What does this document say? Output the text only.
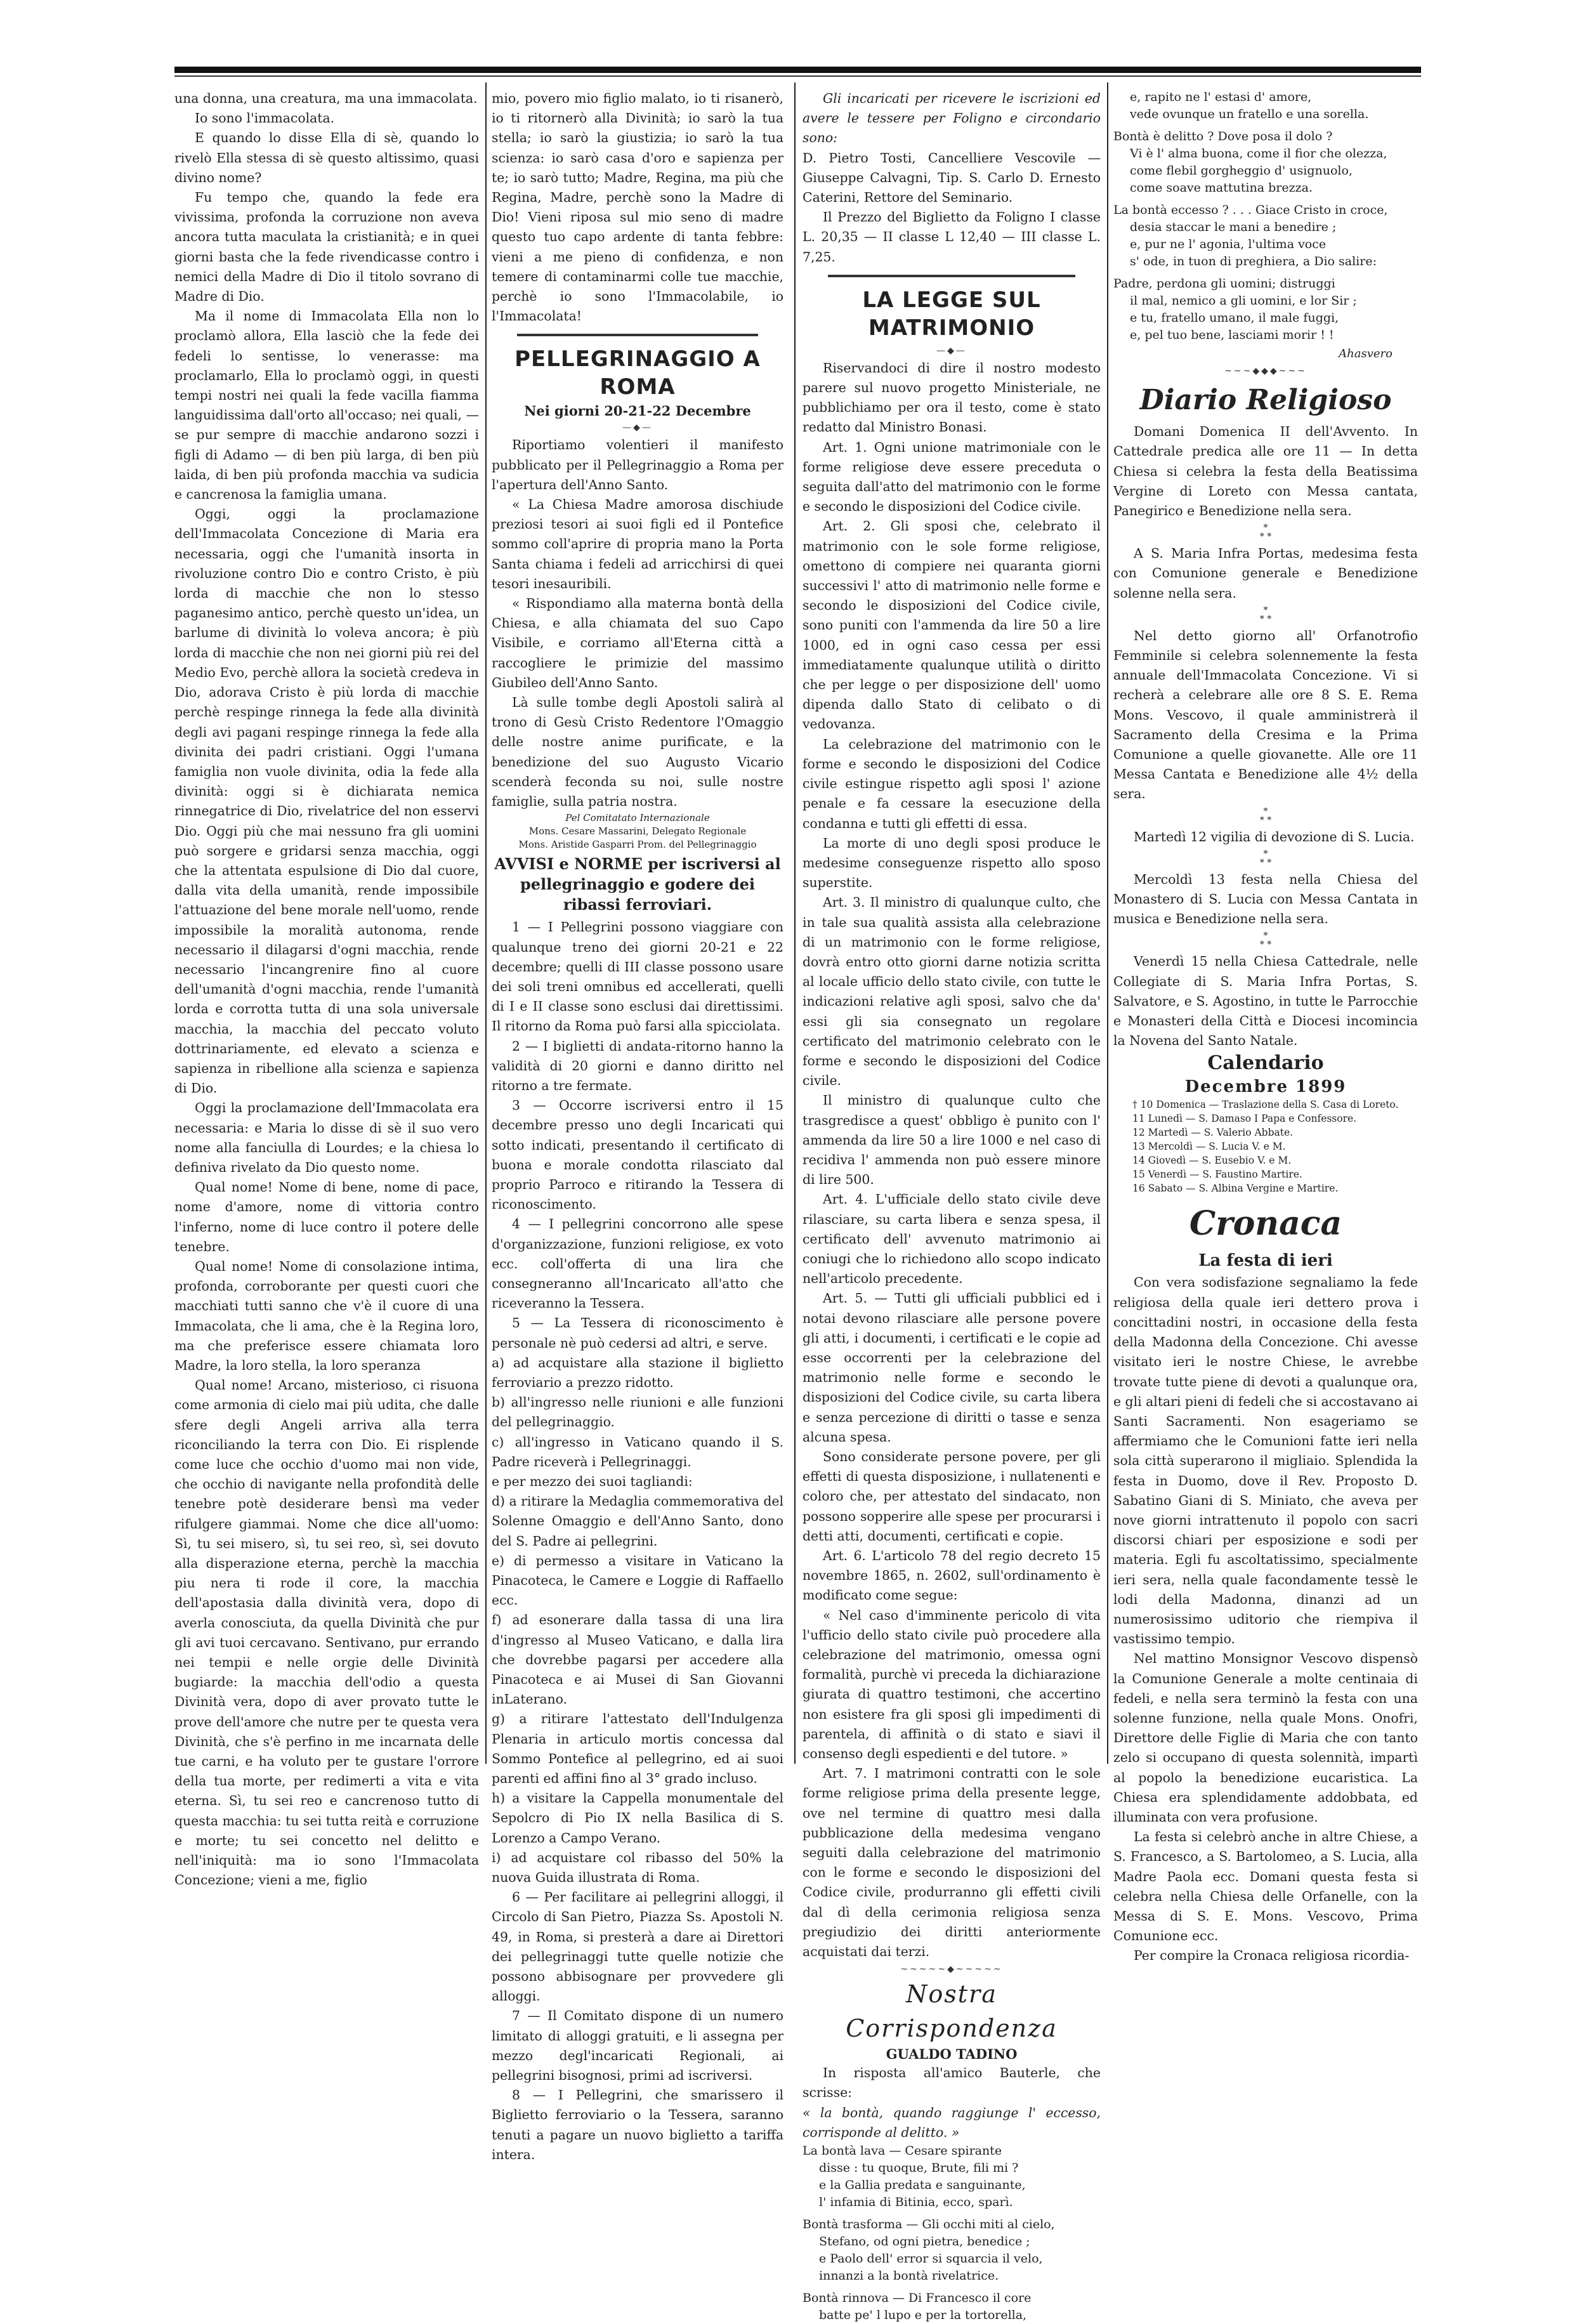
una donna, una creatura, ma una immacolata.

Io sono l'immacolata.

E quando lo disse Ella di sè, quando lo rivelò Ella stessa di sè questo altissimo, quasi divino nome?

Fu tempo che, quando la fede era vivissima, profonda la corruzione non aveva ancora tutta maculata la cristianità; e in quei giorni basta che la fede rivendicasse contro i nemici della Madre di Dio il titolo sovrano di Madre di Dio.

Ma il nome di Immacolata Ella non lo proclamò allora, Ella lasciò che la fede dei fedeli lo sentisse, lo venerasse: ma proclamarlo, Ella lo proclamò oggi, in questi tempi nostri nei quali la fede vacilla fiamma languidissima dall'orto all'occaso; nei quali, — se pur sempre di macchie andarono sozzi i figli di Adamo — di ben più larga, di ben più laida, di ben più profonda macchia va sudicia e cancrenosa la famiglia umana.

Oggi, oggi la proclamazione dell'Immacolata Concezione di Maria era necessaria, oggi che l'umanità insorta in rivoluzione contro Dio e contro Cristo, è più lorda di macchie che non lo stesso paganesimo antico, perchè questo un'idea, un barlume di divinità lo voleva ancora; è più lorda di macchie che non nei giorni più rei del Medio Evo, perchè allora la società credeva in Dio, adorava Cristo è più lorda di macchie perchè respinge rinnega la fede alla divinità degli avi pagani respinge rinnega la fede alla divinita dei padri cristiani. Oggi l'umana famiglia non vuole divinita, odia la fede alla divinità: oggi si è dichiarata nemica rinnegatrice di Dio, rivelatrice del non esservi Dio. Oggi più che mai nessuno fra gli uomini può sorgere e gridarsi senza macchia, oggi che la attentata espulsione di Dio dal cuore, dalla vita della umanità, rende impossibile l'attuazione del bene morale nell'uomo, rende impossibile la moralità autonoma, rende necessario il dilagarsi d'ogni macchia, rende necessario l'incangrenire fino al cuore dell'umanità d'ogni macchia, rende l'umanità lorda e corrotta tutta di una sola universale macchia, la macchia del peccato voluto dottrinariamente, ed elevato a scienza e sapienza in ribellione alla scienza e sapienza di Dio.

Oggi la proclamazione dell'Immacolata era necessaria: e Maria lo disse di sè il suo vero nome alla fanciulla di Lourdes; e la chiesa lo definiva rivelato da Dio questo nome.

Qual nome! Nome di bene, nome di pace, nome d'amore, nome di vittoria contro l'inferno, nome di luce contro il potere delle tenebre.

Qual nome! Nome di consolazione intima, profonda, corroborante per questi cuori che macchiati tutti sanno che v'è il cuore di una Immacolata, che li ama, che è la Regina loro, ma che preferisce essere chiamata loro Madre, la loro stella, la loro speranza

Qual nome! Arcano, misterioso, ci risuona come armonia di cielo mai più udita, che dalle sfere degli Angeli arriva alla terra riconciliando la terra con Dio. Ei risplende come luce che occhio d'uomo mai non vide, che occhio di navigante nella profondità delle tenebre potè desiderare bensì ma veder rifulgere giammai. Nome che dice all'uomo: Sì, tu sei misero, sì, tu sei reo, sì, sei dovuto alla disperazione eterna, perchè la macchia piu nera ti rode il core, la macchia dell'apostasia dalla divinità vera, dopo di averla conosciuta, da quella Divinità che pur gli avi tuoi cercavano. Sentivano, pur errando nei tempii e nelle orgie delle Divinità bugiarde: la macchia dell'odio a questa Divinità vera, dopo di aver provato tutte le prove dell'amore che nutre per te questa vera Divinità, che s'è perfino in me incarnata delle tue carni, e ha voluto per te gustare l'orrore della tua morte, per redimerti a vita e vita eterna. Sì, tu sei reo e cancrenoso tutto di questa macchia: tu sei tutta reità e corruzione e morte; tu sei concetto nel delitto e nell'iniquità: ma io sono l'Immacolata Concezione; vieni a me, figlio

mio, povero mio figlio malato, io ti risanerò, io ti ritornerò alla Divinità; io sarò la tua stella; io sarò la giustizia; io sarò la tua scienza: io sarò casa d'oro e sapienza per te; io sarò tutto; Madre, Regina, ma più che Regina, Madre, perchè sono la Madre di Dio! Vieni riposa sul mio seno di madre questo tuo capo ardente di tanta febbre: vieni a me pieno di confidenza, e non temere di contaminarmi colle tue macchie, perchè io sono l'Immacolabile, io l'Immacolata!

PELLEGRINAGGIO A ROMA
Nei giorni 20-21-22 Decembre
—◆—

Riportiamo volentieri il manifesto pubblicato per il Pellegrinaggio a Roma per l'apertura dell'Anno Santo.

« La Chiesa Madre amorosa dischiude preziosi tesori ai suoi figli ed il Pontefice sommo coll'aprire di propria mano la Porta Santa chiama i fedeli ad arricchirsi di quei tesori inesauribili.

« Rispondiamo alla materna bontà della Chiesa, e alla chiamata del suo Capo Visibile, e corriamo all'Eterna città a raccogliere le primizie del massimo Giubileo dell'Anno Santo.

Là sulle tombe degli Apostoli salirà al trono di Gesù Cristo Redentore l'Omaggio delle nostre anime purificate, e la benedizione del suo Augusto Vicario scenderà feconda su noi, sulle nostre famiglie, sulla patria nostra.

Pel Comitatato Internazionale
Mons. Cesare Massarini, Delegato Regionale
Mons. Aristide Gasparri Prom. del Pellegrinaggio
AVVISI e NORME per iscriversi al pellegrinaggio e godere dei ribassi ferroviari.

1 — I Pellegrini possono viaggiare con qualunque treno dei giorni 20-21 e 22 decembre; quelli di III classe possono usare dei soli treni omnibus ed accellerati, quelli di I e II classe sono esclusi dai direttissimi. Il ritorno da Roma può farsi alla spicciolata.

2 — I biglietti di andata-ritorno hanno la validità di 20 giorni e danno diritto nel ritorno a tre fermate.

3 — Occorre iscriversi entro il 15 decembre presso uno degli Incaricati qui sotto indicati, presentando il certificato di buona e morale condotta rilasciato dal proprio Parroco e ritirando la Tessera di riconoscimento.

4 — I pellegrini concorrono alle spese d'organizzazione, funzioni religiose, ex voto ecc. coll'offerta di una lira che consegneranno all'Incaricato all'atto che riceveranno la Tessera.

5 — La Tessera di riconoscimento è personale nè può cedersi ad altri, e serve.

a) ad acquistare alla stazione il biglietto ferroviario a prezzo ridotto.

b) all'ingresso nelle riunioni e alle funzioni del pellegrinaggio.

c) all'ingresso in Vaticano quando il S. Padre riceverà i Pellegrinaggi.

e per mezzo dei suoi tagliandi:

d) a ritirare la Medaglia commemorativa del Solenne Omaggio e dell'Anno Santo, dono del S. Padre ai pellegrini.

e) di permesso a visitare in Vaticano la Pinacoteca, le Camere e Loggie di Raffaello ecc.

f) ad esonerare dalla tassa di una lira d'ingresso al Museo Vaticano, e dalla lira che dovrebbe pagarsi per accedere alla Pinacoteca e ai Musei di San Giovanni inLaterano.

g) a ritirare l'attestato dell'Indulgenza Plenaria in articulo mortis concessa dal Sommo Pontefice al pellegrino, ed ai suoi parenti ed affini fino al 3° grado incluso.

h) a visitare la Cappella monumentale del Sepolcro di Pio IX nella Basilica di S. Lorenzo a Campo Verano.

i) ad acquistare col ribasso del 50% la nuova Guida illustrata di Roma.

6 — Per facilitare ai pellegrini alloggi, il Circolo di San Pietro, Piazza Ss. Apostoli N. 49, in Roma, si presterà a dare ai Direttori dei pellegrinaggi tutte quelle notizie che possono abbisognare per provvedere gli alloggi.

7 — Il Comitato dispone di un numero limitato di alloggi gratuiti, e li assegna per mezzo degl'incaricati Regionali, ai pellegrini bisognosi, primi ad iscriversi.

8 — I Pellegrini, che smarissero il Biglietto ferroviario o la Tessera, saranno tenuti a pagare un nuovo biglietto a tariffa intera.

Gli incaricati per ricevere le iscrizioni ed avere le tessere per Foligno e circondario sono:

D. Pietro Tosti, Cancelliere Vescovile — Giuseppe Calvagni, Tip. S. Carlo D. Ernesto Caterini, Rettore del Seminario.

Il Prezzo del Biglietto da Foligno I classe L. 20,35 — II classe L 12,40 — III classe L. 7,25.

LA LEGGE SUL MATRIMONIO
—◆—

Riservandoci di dire il nostro modesto parere sul nuovo progetto Ministeriale, ne pubblichiamo per ora il testo, come è stato redatto dal Ministro Bonasi.

Art. 1. Ogni unione matrimoniale con le forme religiose deve essere preceduta o seguita dall'atto del matrimonio con le forme e secondo le disposizioni del Codice civile.

Art. 2. Gli sposi che, celebrato il matrimonio con le sole forme religiose, omettono di compiere nei quaranta giorni successivi l' atto di matrimonio nelle forme e secondo le disposizioni del Codice civile, sono puniti con l'ammenda da lire 50 a lire 1000, ed in ogni caso cessa per essi immediatamente qualunque utilità o diritto che per legge o per disposizione dell' uomo dipenda dallo Stato di celibato o di vedovanza.

La celebrazione del matrimonio con le forme e secondo le disposizioni del Codice civile estingue rispetto agli sposi l' azione penale e fa cessare la esecuzione della condanna e tutti gli effetti di essa.

La morte di uno degli sposi produce le medesime conseguenze rispetto allo sposo superstite.

Art. 3. Il ministro di qualunque culto, che in tale sua qualità assista alla celebrazione di un matrimonio con le forme religiose, dovrà entro otto giorni darne notizia scritta al locale ufficio dello stato civile, con tutte le indicazioni relative agli sposi, salvo che da' essi gli sia consegnato un regolare certificato del matrimonio celebrato con le forme e secondo le disposizioni del Codice civile.

Il ministro di qualunque culto che trasgredisce a quest' obbligo è punito con l' ammenda da lire 50 a lire 1000 e nel caso di recidiva l' ammenda non può essere minore di lire 500.

Art. 4. L'ufficiale dello stato civile deve rilasciare, su carta libera e senza spesa, il certificato dell' avvenuto matrimonio ai coniugi che lo richiedono allo scopo indicato nell'articolo precedente.

Art. 5. — Tutti gli ufficiali pubblici ed i notai devono rilasciare alle persone povere gli atti, i documenti, i certificati e le copie ad esse occorrenti per la celebrazione del matrimonio nelle forme e secondo le disposizioni del Codice civile, su carta libera e senza percezione di diritti o tasse e senza alcuna spesa.

Sono considerate persone povere, per gli effetti di questa disposizione, i nullatenenti e coloro che, per attestato del sindacato, non possono sopperire alle spese per procurarsi i detti atti, documenti, certificati e copie.

Art. 6. L'articolo 78 del regio decreto 15 novembre 1865, n. 2602, sull'ordinamento è modificato come segue:

« Nel caso d'imminente pericolo di vita l'ufficio dello stato civile può procedere alla celebrazione del matrimonio, omessa ogni formalità, purchè vi preceda la dichiarazione giurata di quattro testimoni, che accertino non esistere fra gli sposi gli impedimenti di parentela, di affinità o di stato e siavi il consenso degli espedienti e del tutore. »

Art. 7. I matrimoni contratti con le sole forme religiose prima della presente legge, ove nel termine di quattro mesi dalla pubblicazione della medesima vengano seguiti dalla celebrazione del matrimonio con le forme e secondo le disposizioni del Codice civile, produrranno gli effetti civili dal dì della cerimonia religiosa senza pregiudizio dei diritti anteriormente acquistati dai terzi.

~~~~~◆~~~~~
Nostra Corrispondenza
GUALDO TADINO

In risposta all'amico Bauterle, che scrisse:

« la bontà, quando raggiunge l' eccesso, corrisponde al delitto. »

La bontà lava — Cesare spirante
disse : tu quoque, Brute, fili mi ?
e la Gallia predata e sanguinante,
l' infamia di Bitinia, ecco, sparì.
Bontà trasforma — Gli occhi miti al cielo,
Stefano, od ogni pietra, benedice ;
e Paolo dell' error si squarcia il velo,
innanzi a la bontà rivelatrice.
Bontà rinnova — Di Francesco il core
batte pe' l lupo e per la tortorella,
e, rapito ne l' estasi d' amore,
vede ovunque un fratello e una sorella.
Bontà è delitto ? Dove posa il dolo ?
Vi è l' alma buona, come il fior che olezza,
come flebil gorgheggio d' usignuolo,
come soave mattutina brezza.
La bontà eccesso ? . . . Giace Cristo in croce,
desia staccar le mani a benedire ;
e, pur ne l' agonia, l'ultima voce
s' ode, in tuon di preghiera, a Dio salire:
Padre, perdona gli uomini; distruggi
il mal, nemico a gli uomini, e lor Sir ;
e tu, fratello umano, il male fuggi,
e, pel tuo bene, lasciami morir ! !
Ahasvero
~~~◆◆◆~~~
Diario Religioso

Domani Domenica II dell'Avvento. In Cattedrale predica alle ore 11 — In detta Chiesa si celebra la festa della Beatissima Vergine di Loreto con Messa cantata, Panegirico e Benedizione nella sera.

*
* *

A S. Maria Infra Portas, medesima festa con Comunione generale e Benedizione solenne nella sera.

*
* *

Nel detto giorno all' Orfanotrofio Femminile si celebra solennemente la festa annuale dell'Immacolata Concezione. Vi si recherà a celebrare alle ore 8 S. E. Rema Mons. Vescovo, il quale amministrerà il Sacramento della Cresima e la Prima Comunione a quelle giovanette. Alle ore 11 Messa Cantata e Benedizione alle 4½ della sera.

*
* *

Martedì 12 vigilia di devozione di S. Lucia.

*
* *

Mercoldì 13 festa nella Chiesa del Monastero di S. Lucia con Messa Cantata in musica e Benedizione nella sera.

*
* *

Venerdì 15 nella Chiesa Cattedrale, nelle Collegiate di S. Maria Infra Portas, S. Salvatore, e S. Agostino, in tutte le Parrocchie e Monasteri della Città e Diocesi incomincia la Novena del Santo Natale.

Calendario
Decembre 1899
† 10 Domenica — Traslazione della S. Casa di Loreto.
11 Lunedì — S. Damaso I Papa e Confessore.
12 Martedì — S. Valerio Abbate.
13 Mercoldì — S. Lucia V. e M.
14 Giovedì — S. Eusebio V. e M.
15 Venerdì — S. Faustino Martire.
16 Sabato — S. Albina Vergine e Martire.
Cronaca
La festa di ieri

Con vera sodisfazione segnaliamo la fede religiosa della quale ieri dettero prova i concittadini nostri, in occasione della festa della Madonna della Concezione. Chi avesse visitato ieri le nostre Chiese, le avrebbe trovate tutte piene di devoti a qualunque ora, e gli altari pieni di fedeli che si accostavano ai Santi Sacramenti. Non esageriamo se affermiamo che le Comunioni fatte ieri nella sola città superarono il migliaio. Splendida la festa in Duomo, dove il Rev. Proposto D. Sabatino Giani di S. Miniato, che aveva per nove giorni intrattenuto il popolo con sacri discorsi chiari per esposizione e sodi per materia. Egli fu ascoltatissimo, specialmente ieri sera, nella quale facondamente tessè le lodi della Madonna, dinanzi ad un numerosissimo uditorio che riempiva il vastissimo tempio.

Nel mattino Monsignor Vescovo dispensò la Comunione Generale a molte centinaia di fedeli, e nella sera terminò la festa con una solenne funzione, nella quale Mons. Onofri, Direttore delle Figlie di Maria che con tanto zelo si occupano di questa solennità, impartì al popolo la benedizione eucaristica. La Chiesa era splendidamente addobbata, ed illuminata con vera profusione.

La festa si celebrò anche in altre Chiese, a S. Francesco, a S. Bartolomeo, a S. Lucia, alla Madre Paola ecc. Domani questa festa si celebra nella Chiesa delle Orfanelle, con la Messa di S. E. Mons. Vescovo, Prima Comunione ecc.

Per compire la Cronaca religiosa ricordia-
